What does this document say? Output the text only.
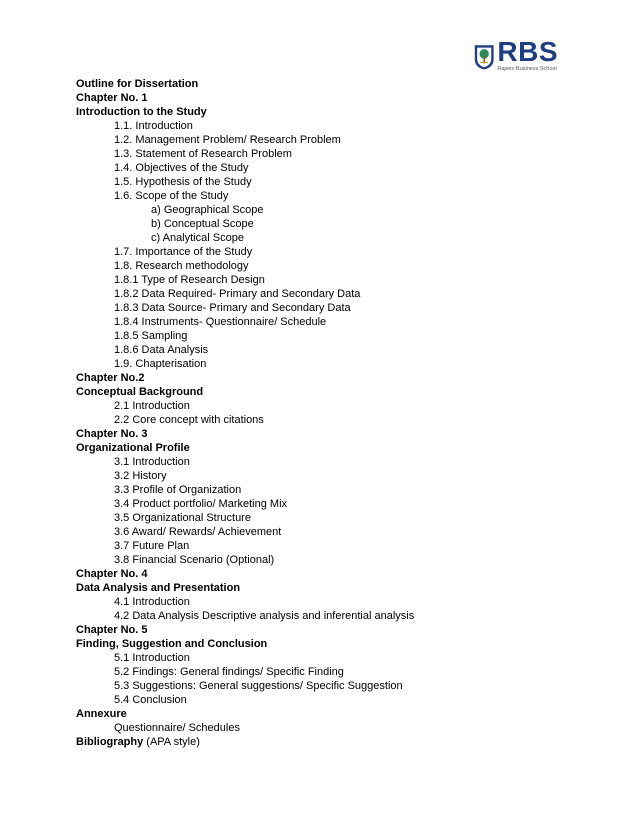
RBS
Rajeev Business School
Outline for Dissertation
Chapter No. 1
Introduction to the Study
1.1. Introduction
1.2. Management Problem/ Research Problem
1.3. Statement of Research Problem
1.4. Objectives of the Study
1.5. Hypothesis of the Study
1.6. Scope of the Study
a) Geographical Scope
b) Conceptual Scope
c) Analytical Scope
1.7. Importance of the Study
1.8. Research methodology
1.8.1 Type of Research Design
1.8.2 Data Required- Primary and Secondary Data
1.8.3 Data Source- Primary and Secondary Data
1.8.4 Instruments- Questionnaire/ Schedule
1.8.5 Sampling
1.8.6 Data Analysis
1.9. Chapterisation
Chapter No.2
Conceptual Background
2.1 Introduction
2.2 Core concept with citations
Chapter No. 3
Organizational Profile
3.1 Introduction
3.2 History
3.3 Profile of Organization
3.4 Product portfolio/ Marketing Mix
3.5 Organizational Structure
3.6 Award/ Rewards/ Achievement
3.7 Future Plan
3.8 Financial Scenario (Optional)
Chapter No. 4
Data Analysis and Presentation
4.1 Introduction
4.2 Data Analysis Descriptive analysis and inferential analysis
Chapter No. 5
Finding, Suggestion and Conclusion
5.1 Introduction
5.2 Findings: General findings/ Specific Finding
5.3 Suggestions: General suggestions/ Specific Suggestion
5.4 Conclusion
Annexure
Questionnaire/ Schedules
Bibliography (APA style)
